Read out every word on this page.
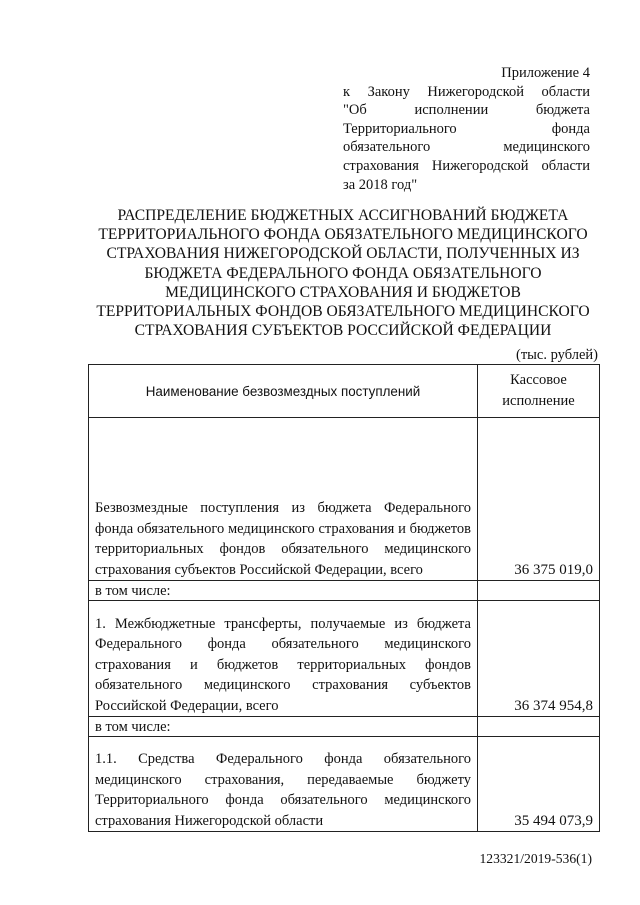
Приложение 4
к Закону Нижегородской области
"Об исполнении бюджета
Территориального фонда
обязательного медицинского
страхования Нижегородской области
за 2018 год"
РАСПРЕДЕЛЕНИЕ БЮДЖЕТНЫХ АССИГНОВАНИЙ БЮДЖЕТА
ТЕРРИТОРИАЛЬНОГО ФОНДА ОБЯЗАТЕЛЬНОГО МЕДИЦИНСКОГО
СТРАХОВАНИЯ НИЖЕГОРОДСКОЙ ОБЛАСТИ, ПОЛУЧЕННЫХ ИЗ
БЮДЖЕТА ФЕДЕРАЛЬНОГО ФОНДА ОБЯЗАТЕЛЬНОГО
МЕДИЦИНСКОГО СТРАХОВАНИЯ И БЮДЖЕТОВ
ТЕРРИТОРИАЛЬНЫХ ФОНДОВ ОБЯЗАТЕЛЬНОГО МЕДИЦИНСКОГО
СТРАХОВАНИЯ СУБЪЕКТОВ РОССИЙСКОЙ ФЕДЕРАЦИИ
(тыс. рублей)
Наименование безвозмездных поступлений	Кассовое
исполнение
Безвозмездные поступления из бюджета Федерального фонда обязательного медицинского страхования и бюджетов территориальных фондов обязательного медицинского страхования субъектов Российской Федерации, всего	36 375 019,0
в том числе:	
1. Межбюджетные трансферты, получаемые из бюджета Федерального фонда обязательного медицинского страхования и бюджетов территориальных фондов обязательного медицинского страхования субъектов Российской Федерации, всего	36 374 954,8
в том числе:	
1.1. Средства Федерального фонда обязательного медицинского страхования, передаваемые бюджету Территориального фонда обязательного медицинского страхования Нижегородской области	35 494 073,9
123321/2019-536(1)
